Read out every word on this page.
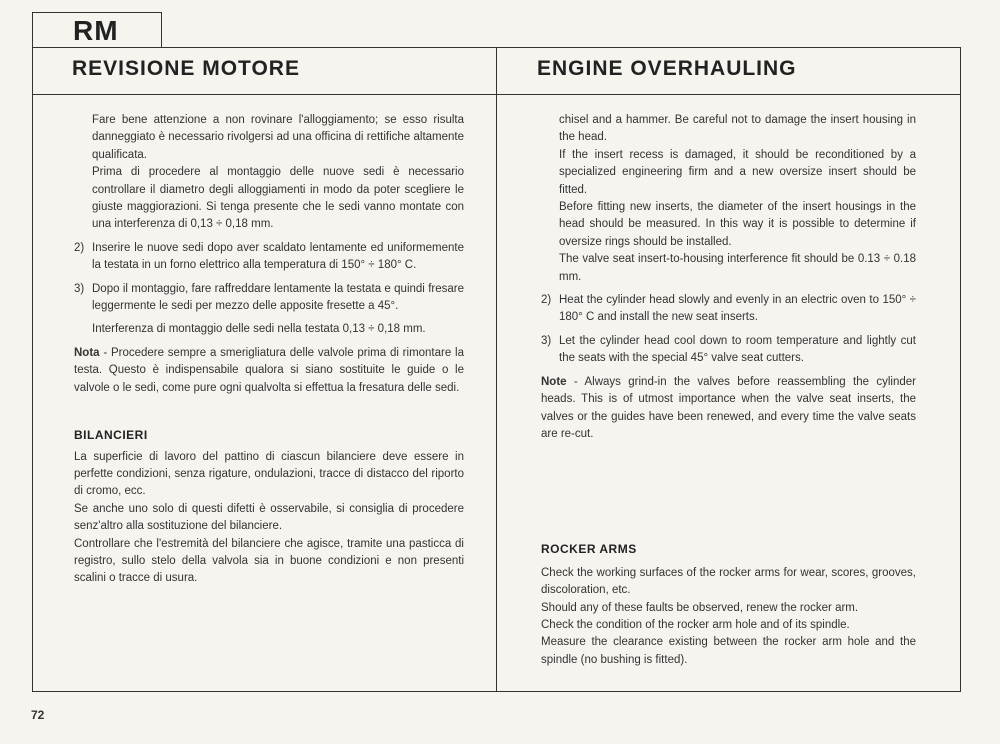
RM
REVISIONE MOTORE	ENGINE OVERHAULING

Fare bene attenzione a non rovinare l'alloggiamento; se esso risulta danneggiato è necessario rivolgersi ad una officina di rettifiche altamente qualificata.

Prima di procedere al montaggio delle nuove sedi è necessario controllare il diametro degli alloggiamenti in modo da poter scegliere le giuste maggiorazioni. Si tenga presente che le sedi vanno montate con una interferenza di 0,13 ÷ 0,18 mm.

2) Inserire le nuove sedi dopo aver scaldato lentamente ed uniformemente la testata in un forno elettrico alla temperatura di 150° ÷ 180° C.
3) Dopo il montaggio, fare raffreddare lentamente la testata e quindi fresare leggermente le sedi per mezzo delle apposite fresette a 45°.

Interferenza di montaggio delle sedi nella testata 0,13 ÷ 0,18 mm.

Nota - Procedere sempre a smerigliatura delle valvole prima di rimontare la testa. Questo è indispensabile qualora si siano sostituite le guide o le valvole o le sedi, come pure ogni qualvolta si effettua la fresatura delle sedi.

BILANCIERI

La superficie di lavoro del pattino di ciascun bilanciere deve essere in perfette condizioni, senza rigature, ondulazioni, tracce di distacco del riporto di cromo, ecc.

Se anche uno solo di questi difetti è osservabile, si consiglia di procedere senz'altro alla sostituzione del bilanciere.

Controllare che l'estremità del bilanciere che agisce, tramite una pasticca di registro, sullo stelo della valvola sia in buone condizioni e non presenti scalini o tracce di usura.

chisel and a hammer. Be careful not to damage the insert housing in the head.

If the insert recess is damaged, it should be reconditioned by a specialized engineering firm and a new oversize insert should be fitted.

Before fitting new inserts, the diameter of the insert housings in the head should be measured. In this way it is possible to determine if oversize rings should be installed.

The valve seat insert-to-housing interference fit should be 0.13 ÷ 0.18 mm.

2) Heat the cylinder head slowly and evenly in an electric oven to 150° ÷ 180° C and install the new seat inserts.
3) Let the cylinder head cool down to room temperature and lightly cut the seats with the special 45° valve seat cutters.

Note - Always grind-in the valves before reassembling the cylinder heads. This is of utmost importance when the valve seat inserts, the valves or the guides have been renewed, and every time the valve seats are re-cut.

ROCKER ARMS

Check the working surfaces of the rocker arms for wear, scores, grooves, discoloration, etc.

Should any of these faults be observed, renew the rocker arm.

Check the condition of the rocker arm hole and of its spindle.

Measure the clearance existing between the rocker arm hole and the spindle (no bushing is fitted).

72
